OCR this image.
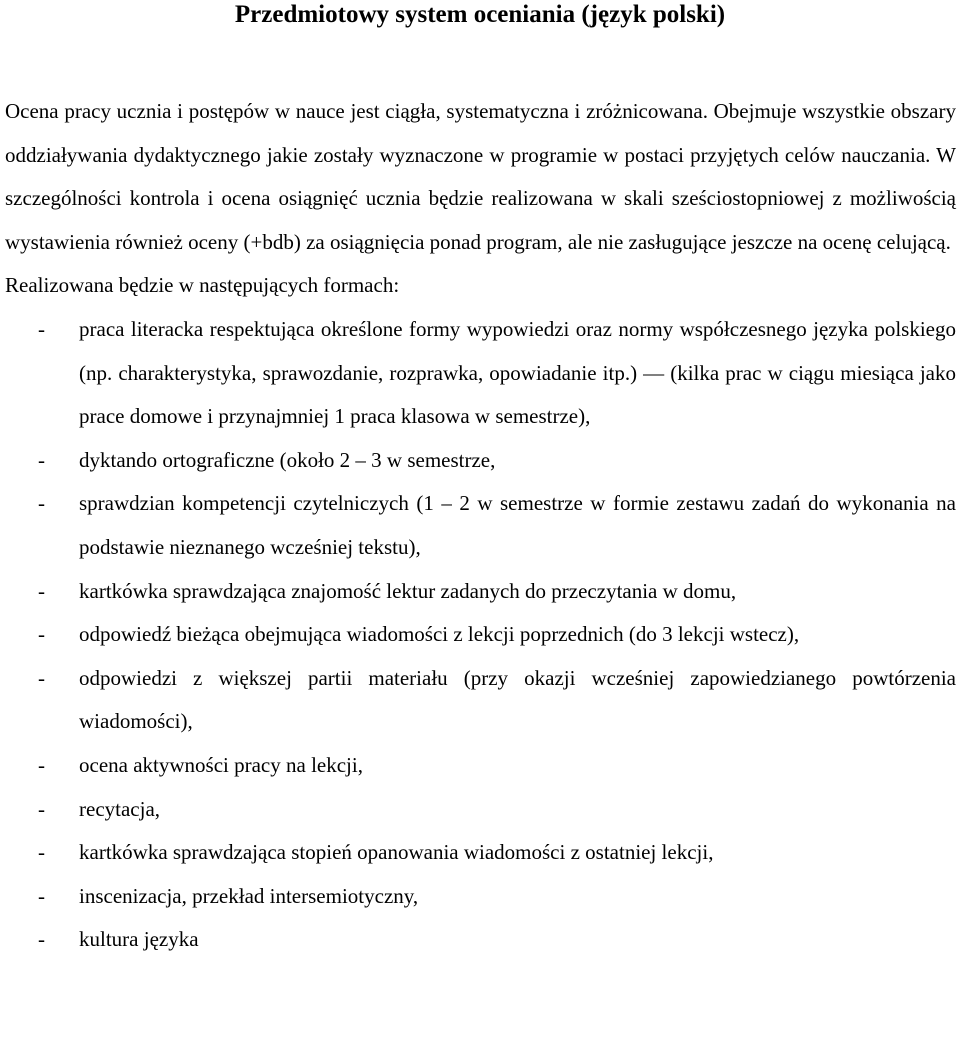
Przedmiotowy system oceniania (język polski)

Ocena pracy ucznia i postępów w nauce jest ciągła, systematyczna i zróżnicowana. Obejmuje wszystkie obszary oddziaływania dydaktycznego jakie zostały wyznaczone w programie w postaci przyjętych celów nauczania. W szczególności kontrola i ocena osiągnięć ucznia będzie realizowana w skali sześciostopniowej z możliwością wystawienia również oceny (+bdb) za osiągnięcia ponad program, ale nie zasługujące jeszcze na ocenę celującą.

Realizowana będzie w następujących formach:

- praca literacka respektująca określone formy wypowiedzi oraz normy współczesnego języka polskiego (np. charakterystyka, sprawozdanie, rozprawka, opowiadanie itp.) — (kilka prac w ciągu miesiąca jako prace domowe i przynajmniej 1 praca klasowa w semestrze),
- dyktando ortograficzne (około 2 – 3 w semestrze,
- sprawdzian kompetencji czytelniczych (1 – 2 w semestrze w formie zestawu zadań do wykonania na podstawie nieznanego wcześniej tekstu),
- kartkówka sprawdzająca znajomość lektur zadanych do przeczytania w domu,
- odpowiedź bieżąca obejmująca wiadomości z lekcji poprzednich (do 3 lekcji wstecz),
- odpowiedzi z większej partii materiału (przy okazji wcześniej zapowiedzianego powtórzenia wiadomości),
- ocena aktywności pracy na lekcji,
- recytacja,
- kartkówka sprawdzająca stopień opanowania wiadomości z ostatniej lekcji,
- inscenizacja, przekład intersemiotyczny,
- kultura języka
